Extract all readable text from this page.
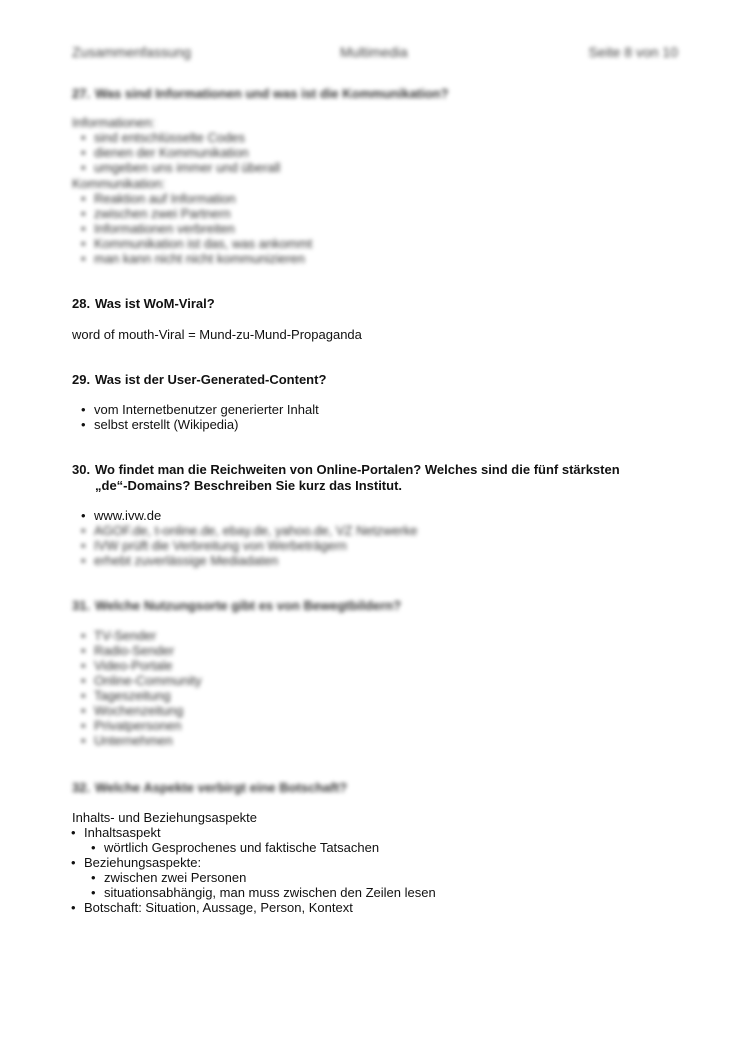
Zusammenfassung	Multimedia	Seite 8 von 10
27. Was sind Informationen und was ist die Kommunikation?
Informationen:
• sind entschlüsselte Codes
• dienen der Kommunikation
• umgeben uns immer und überall
Kommunikation:
• Reaktion auf Information
• zwischen zwei Partnern
• Informationen verbreiten
• Kommunikation ist das, was ankommt
• man kann nicht nicht kommunizieren
28. Was ist WoM-Viral?
word of mouth-Viral = Mund-zu-Mund-Propaganda
29. Was ist der User-Generated-Content?
• vom Internetbenutzer generierter Inhalt
• selbst erstellt (Wikipedia)
30. Wo findet man die Reichweiten von Online-Portalen? Welches sind die fünf stärksten
„de“-Domains? Beschreiben Sie kurz das Institut.
• www.ivw.de
• AGOF.de, t-online.de, ebay.de, yahoo.de, VZ Netzwerke
• IVW prüft die Verbreitung von Werbeträgern
• erhebt zuverlässige Mediadaten
31. Welche Nutzungsorte gibt es von Bewegtbildern?
• TV-Sender
• Radio-Sender
• Video-Portale
• Online-Community
• Tageszeitung
• Wochenzeitung
• Privatpersonen
• Unternehmen
32. Welche Aspekte verbirgt eine Botschaft?
Inhalts- und Beziehungsaspekte
• Inhaltsaspekt
• wörtlich Gesprochenes und faktische Tatsachen
• Beziehungsaspekte:
• zwischen zwei Personen
• situationsabhängig, man muss zwischen den Zeilen lesen
• Botschaft: Situation, Aussage, Person, Kontext
